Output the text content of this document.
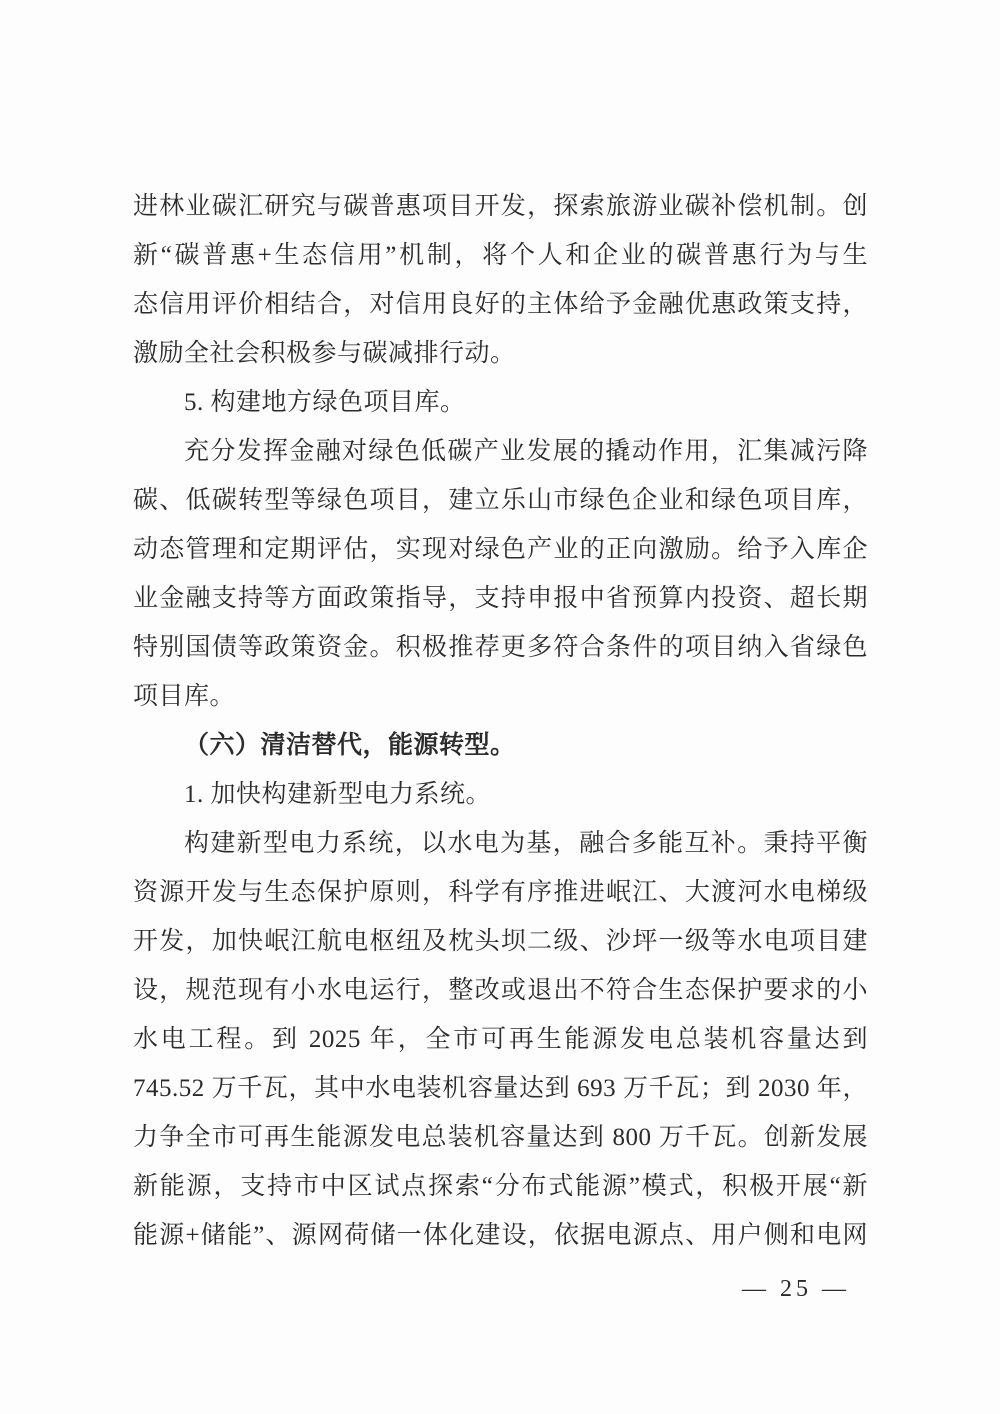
进林业碳汇研究与碳普惠项目开发，探索旅游业碳补偿机制。创
新“碳普惠+生态信用”机制，将个人和企业的碳普惠行为与生
态信用评价相结合，对信用良好的主体给予金融优惠政策支持，
激励全社会积极参与碳减排行动。
5. 构建地方绿色项目库。
充分发挥金融对绿色低碳产业发展的撬动作用，汇集减污降
碳、低碳转型等绿色项目，建立乐山市绿色企业和绿色项目库，
动态管理和定期评估，实现对绿色产业的正向激励。给予入库企
业金融支持等方面政策指导，支持申报中省预算内投资、超长期
特别国债等政策资金。积极推荐更多符合条件的项目纳入省绿色
项目库。
（六）清洁替代，能源转型。
1. 加快构建新型电力系统。
构建新型电力系统，以水电为基，融合多能互补。秉持平衡
资源开发与生态保护原则，科学有序推进岷江、大渡河水电梯级
开发，加快岷江航电枢纽及枕头坝二级、沙坪一级等水电项目建
设，规范现有小水电运行，整改或退出不符合生态保护要求的小
水电工程。到 2025 年，全市可再生能源发电总装机容量达到
745.52 万千瓦，其中水电装机容量达到 693 万千瓦；到 2030 年，
力争全市可再生能源发电总装机容量达到 800 万千瓦。创新发展
新能源，支持市中区试点探索“分布式能源”模式，积极开展“新
能源+储能”、源网荷储一体化建设，依据电源点、用户侧和电网
— 25 —
